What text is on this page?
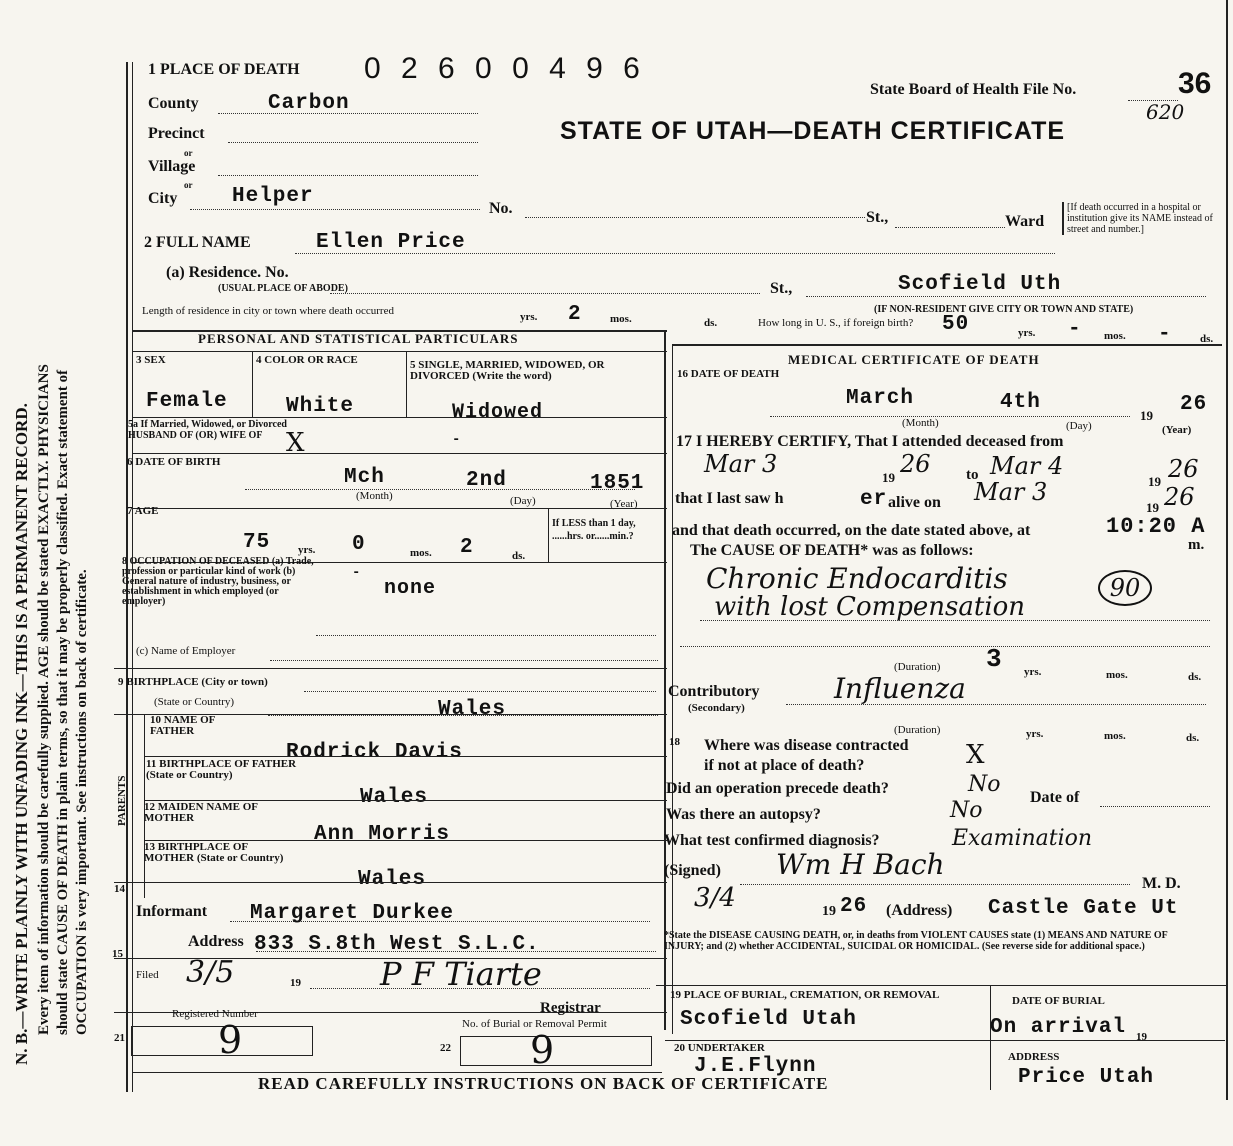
N. B.—WRITE PLAINLY WITH UNFADING INK—THIS IS A PERMANENT RECORD. Every item of information should be carefully supplied. AGE should be stated EXACTLY. PHYSICIANS should state CAUSE OF DEATH in plain terms, so that it may be properly classified. Exact statement of OCCUPATION is very important. See instructions on back of certificate.
1 PLACE OF DEATH 0 2 6 0 0 4 9 6
State Board of Health File No.	36
620
STATE OF UTAH—DEATH CERTIFICATE
County	Carbon
Precinct
or
Village
or
City	Helper
No.
St.,	Ward
[If death occurred in a hospital or institution give its NAME instead of street and number.]
2 FULL NAME	Ellen Price
(a) Residence. No.
(USUAL PLACE OF ABODE)	St.,	Scofield Uth
(IF NON-RESIDENT GIVE CITY OR TOWN AND STATE)
Length of residence in city or town where death occurred	yrs. 2	mos.	ds.	How long in U. S., if foreign birth? 50	yrs. - mos. -	ds.
PERSONAL AND STATISTICAL PARTICULARS
3 SEX	4 COLOR OR RACE	5 SINGLE, MARRIED, WIDOWED, OR DIVORCED (Write the word)
Female	White	Widowed
5a If Married, Widowed, or Divorced HUSBAND OF (OR) WIFE OF X	-
6 DATE OF BIRTH
Mch	2nd	1851
(Month)	(Day)	(Year)
7 AGE
75	yrs. 0	mos. 2	ds.
If LESS than 1 day, ......hrs. or......min.?
8 OCCUPATION OF DECEASED (a) Trade, profession or particular kind of work (b) General nature of industry, business, or establishment in which employed (or employer)
-
none
(c) Name of Employer
9 BIRTHPLACE (City or town)
(State or Country)	Wales
PARENTS
10 NAME OF FATHER
Rodrick Davis
11 BIRTHPLACE OF FATHER (State or Country)
Wales
12 MAIDEN NAME OF MOTHER
Ann Morris
13 BIRTHPLACE OF MOTHER (State or Country)
Wales
14
Informant Margaret Durkee
Address 833 S.8th West S.L.C.
15
Filed 3/5	19 P F Tiarte
Registrar
Registered Number
21 9	No. of Burial or Removal Permit
22 9
MEDICAL CERTIFICATE OF DEATH
16 DATE OF DEATH
March	4th
19 26
(Month)	(Day)	(Year)
17 I HEREBY CERTIFY, That I attended deceased from
Mar 3	19 26 to Mar 4
19 26
that I last saw h	er alive on Mar 3
19 26
and that death occurred, on the date stated above, at	10:20 A
m.
The CAUSE OF DEATH* was as follows:
Chronic Endocarditis	90
with lost Compensation
(Duration) 3 yrs.	mos.	ds.
Contributory
(Secondary)
Influenza
(Duration)	yrs.	mos.	ds.
18 Where was disease contracted
if not at place of death?	X
Did an operation precede death?	No
Date of
Was there an autopsy?	No
What test confirmed diagnosis?	Examination
(Signed) Wm H Bach
M. D.
3/4	19 26 (Address) Castle Gate Ut
*State the DISEASE CAUSING DEATH, or, in deaths from VIOLENT CAUSES state (1) MEANS AND NATURE OF INJURY; and (2) whether ACCIDENTAL, SUICIDAL OR HOMICIDAL. (See reverse side for additional space.)
19 PLACE OF BURIAL, CREMATION, OR REMOVAL	DATE OF BURIAL
Scofield Utah	On arrival 19
20 UNDERTAKER
J.E.Flynn	ADDRESS
Price Utah
READ CAREFULLY INSTRUCTIONS ON BACK OF CERTIFICATE
